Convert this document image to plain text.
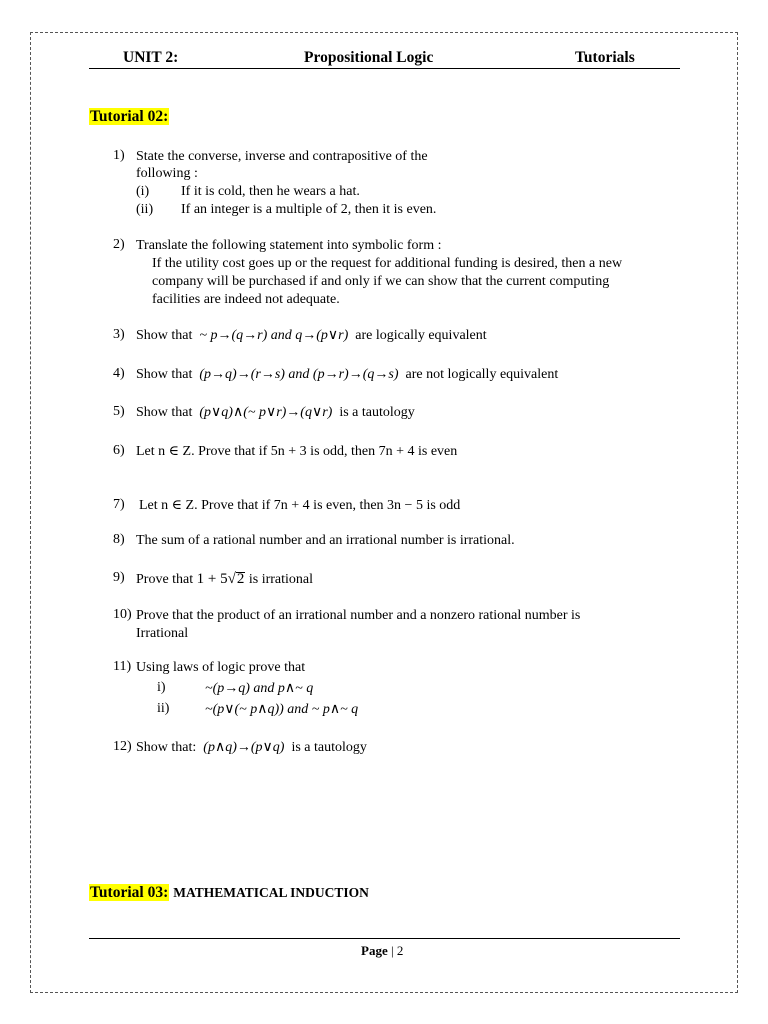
UNIT 2:	Propositional Logic	Tutorials
Tutorial 02:
1) State the converse, inverse and contrapositive of the
following :
(i) If it is cold, then he wears a hat.
(ii) If an integer is a multiple of 2, then it is even.
2) Translate the following statement into symbolic form :
If the utility cost goes up or the request for additional funding is desired, then a new
company will be purchased if and only if we can show that the current computing
facilities are indeed not adequate.
3) Show that ~ p→(q→r) and q→(p∨r) are logically equivalent
4) Show that (p→q)→(r→s) and (p→r)→(q→s) are not logically equivalent
5) Show that (p∨q)∧(~ p∨r)→(q∨r) is a tautology
6) Let n ∈ Z. Prove that if 5n + 3 is odd, then 7n + 4 is even
7) Let n ∈ Z. Prove that if 7n + 4 is even, then 3n − 5 is odd
8) The sum of a rational number and an irrational number is irrational.
9) Prove that 1 + 5√2 is irrational
10) Prove that the product of an irrational number and a nonzero rational number is
Irrational
11) Using laws of logic prove that
i)	~(p→q) and p∧~ q
ii)	~(p∨(~ p∧q)) and ~ p∧~ q
12) Show that: (p∧q)→(p∨q) is a tautology
Tutorial 03: MATHEMATICAL INDUCTION
Page | 2
